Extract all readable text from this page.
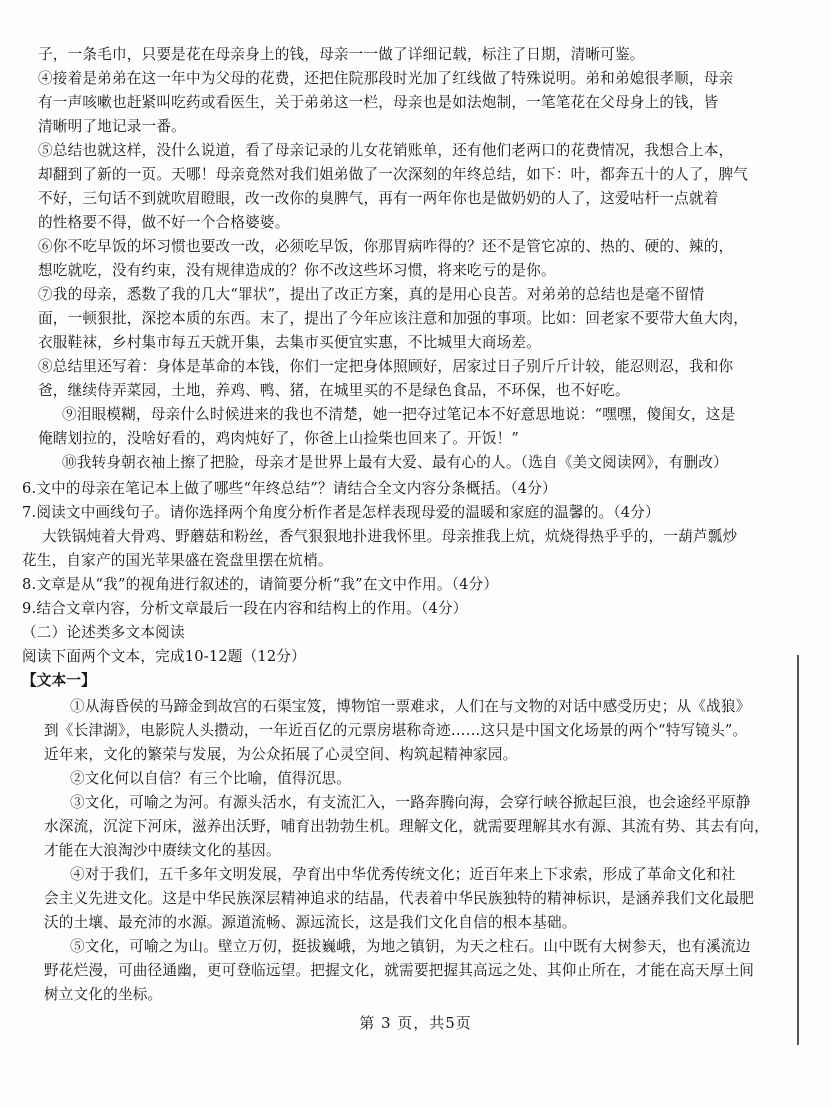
子，一条毛巾，只要是花在母亲身上的钱，母亲一一做了详细记载，标注了日期，清晰可鉴。
④接着是弟弟在这一年中为父母的花费，还把住院那段时光加了红线做了特殊说明。弟和弟媳很孝顺，母亲
有一声咳嗽也赶紧叫吃药或看医生，关于弟弟这一栏，母亲也是如法炮制，一笔笔花在父母身上的钱，皆
清晰明了地记录一番。
⑤总结也就这样，没什么说道，看了母亲记录的儿女花销账单，还有他们老两口的花费情况，我想合上本，
却翻到了新的一页。天哪！母亲竟然对我们姐弟做了一次深刻的年终总结，如下：叶，都奔五十的人了，脾气
不好，三句话不到就吹眉瞪眼，改一改你的臭脾气，再有一两年你也是做奶奶的人了，这爱咕杆一点就着
的性格要不得，做不好一个合格婆婆。
⑥你不吃早饭的坏习惯也要改一改，必须吃早饭，你那胃病咋得的？还不是管它凉的、热的、硬的、辣的，
想吃就吃，没有约束，没有规律造成的？你不改这些坏习惯，将来吃亏的是你。
⑦我的母亲，悉数了我的几大“罪状”，提出了改正方案，真的是用心良苦。对弟弟的总结也是毫不留情
面，一顿狠批，深挖本质的东西。末了，提出了今年应该注意和加强的事项。比如：回老家不要带大鱼大肉，
衣服鞋袜，乡村集市每五天就开集，去集市买便宜实惠，不比城里大商场差。
⑧总结里还写着：身体是革命的本钱，你们一定把身体照顾好，居家过日子别斤斤计较，能忍则忍，我和你
爸，继续侍弄菜园，土地，养鸡、鸭、猪，在城里买的不是绿色食品，不环保，也不好吃。
⑨泪眼模糊，母亲什么时候进来的我也不清楚，她一把夺过笔记本不好意思地说：“嘿嘿，傻闺女，这是
俺瞎划拉的，没啥好看的，鸡肉炖好了，你爸上山捡柴也回来了。开饭！”
⑩我转身朝衣袖上擦了把脸，母亲才是世界上最有大爱、最有心的人。（选自《美文阅读网》，有删改）
6.文中的母亲在笔记本上做了哪些“年终总结”？请结合全文内容分条概括。（4分）
7.阅读文中画线句子。请你选择两个角度分析作者是怎样表现母爱的温暖和家庭的温馨的。（4分）
大铁锅炖着大骨鸡、野蘑菇和粉丝，香气狠狠地扑进我怀里。母亲推我上炕，炕烧得热乎乎的，一葫芦瓢炒
花生，自家产的国光苹果盛在瓷盘里摆在炕梢。
8.文章是从“我”的视角进行叙述的，请简要分析“我”在文中作用。（4分）
9.结合文章内容，分析文章最后一段在内容和结构上的作用。（4分）
（二）论述类多文本阅读
阅读下面两个文本，完成10-12题（12分）
【文本一】
①从海昏侯的马蹄金到故宫的石渠宝笈，博物馆一票难求，人们在与文物的对话中感受历史；从《战狼》
到《长津湖》，电影院人头攒动，一年近百亿的元票房堪称奇迹……这只是中国文化场景的两个“特写镜头”。
近年来，文化的繁荣与发展，为公众拓展了心灵空间、构筑起精神家园。
②文化何以自信？有三个比喻，值得沉思。
③文化，可喻之为河。有源头活水，有支流汇入，一路奔腾向海，会穿行峡谷掀起巨浪，也会途经平原静
水深流，沉淀下河床，滋养出沃野，哺育出勃勃生机。理解文化，就需要理解其水有源、其流有势、其去有向，
才能在大浪淘沙中赓续文化的基因。
④对于我们，五千多年文明发展，孕育出中华优秀传统文化；近百年来上下求索，形成了革命文化和社
会主义先进文化。这是中华民族深层精神追求的结晶，代表着中华民族独特的精神标识，是涵养我们文化最肥
沃的土壤、最充沛的水源。源道流畅、源远流长，这是我们文化自信的根本基础。
⑤文化，可喻之为山。壁立万仞，挺拔巍峨，为地之镇钥，为天之柱石。山中既有大树参天，也有溪流边
野花烂漫，可曲径通幽，更可登临远望。把握文化，就需要把握其高远之处、其仰止所在，才能在高天厚土间
树立文化的坐标。
第 3 页，共5页
